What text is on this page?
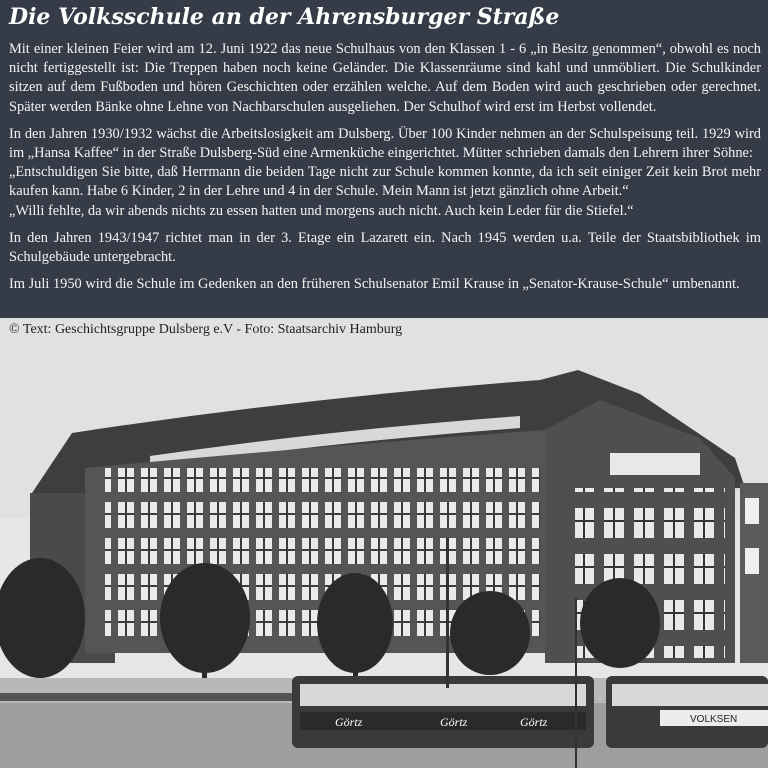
Die Volksschule an der Ahrensburger Straße

Mit einer kleinen Feier wird am 12. Juni 1922 das neue Schulhaus von den Klassen 1 - 6 „in Besitz genommen“, obwohl es noch nicht fertiggestellt ist: Die Treppen haben noch keine Geländer. Die Klassenräume sind kahl und unmöbliert. Die Schulkinder sitzen auf dem Fußboden und hören Geschichten oder erzählen welche. Auf dem Boden wird auch geschrieben oder gerechnet. Später werden Bänke ohne Lehne von Nachbarschulen ausgeliehen. Der Schulhof wird erst im Herbst vollendet.

In den Jahren 1930/1932 wächst die Arbeitslosigkeit am Dulsberg. Über 100 Kinder nehmen an der Schulspeisung teil. 1929 wird im „Hansa Kaffee“ in der Straße Dulsberg-Süd eine Armenküche eingerichtet. Mütter schrieben damals den Lehrern ihrer Söhne:
„Entschuldigen Sie bitte, daß Herrmann die beiden Tage nicht zur Schule kommen konnte, da ich seit einiger Zeit kein Brot mehr kaufen kann. Habe 6 Kinder, 2 in der Lehre und 4 in der Schule. Mein Mann ist jetzt gänzlich ohne Arbeit.“
„Willi fehlte, da wir abends nichts zu essen hatten und morgens auch nicht. Auch kein Leder für die Stiefel.“

In den Jahren 1943/1947 richtet man in der 3. Etage ein Lazarett ein. Nach 1945 werden u.a. Teile der Staatsbibliothek im Schulgebäude untergebracht.

Im Juli 1950 wird die Schule im Gedenken an den früheren Schulsenator Emil Krause in „Senator-Krause-Schule“ umbenannt.

© Text: Geschichtsgruppe Dulsberg e.V - Foto: Staatsarchiv Hamburg
Görtz	Görtz	Görtz	VOLKSEN
